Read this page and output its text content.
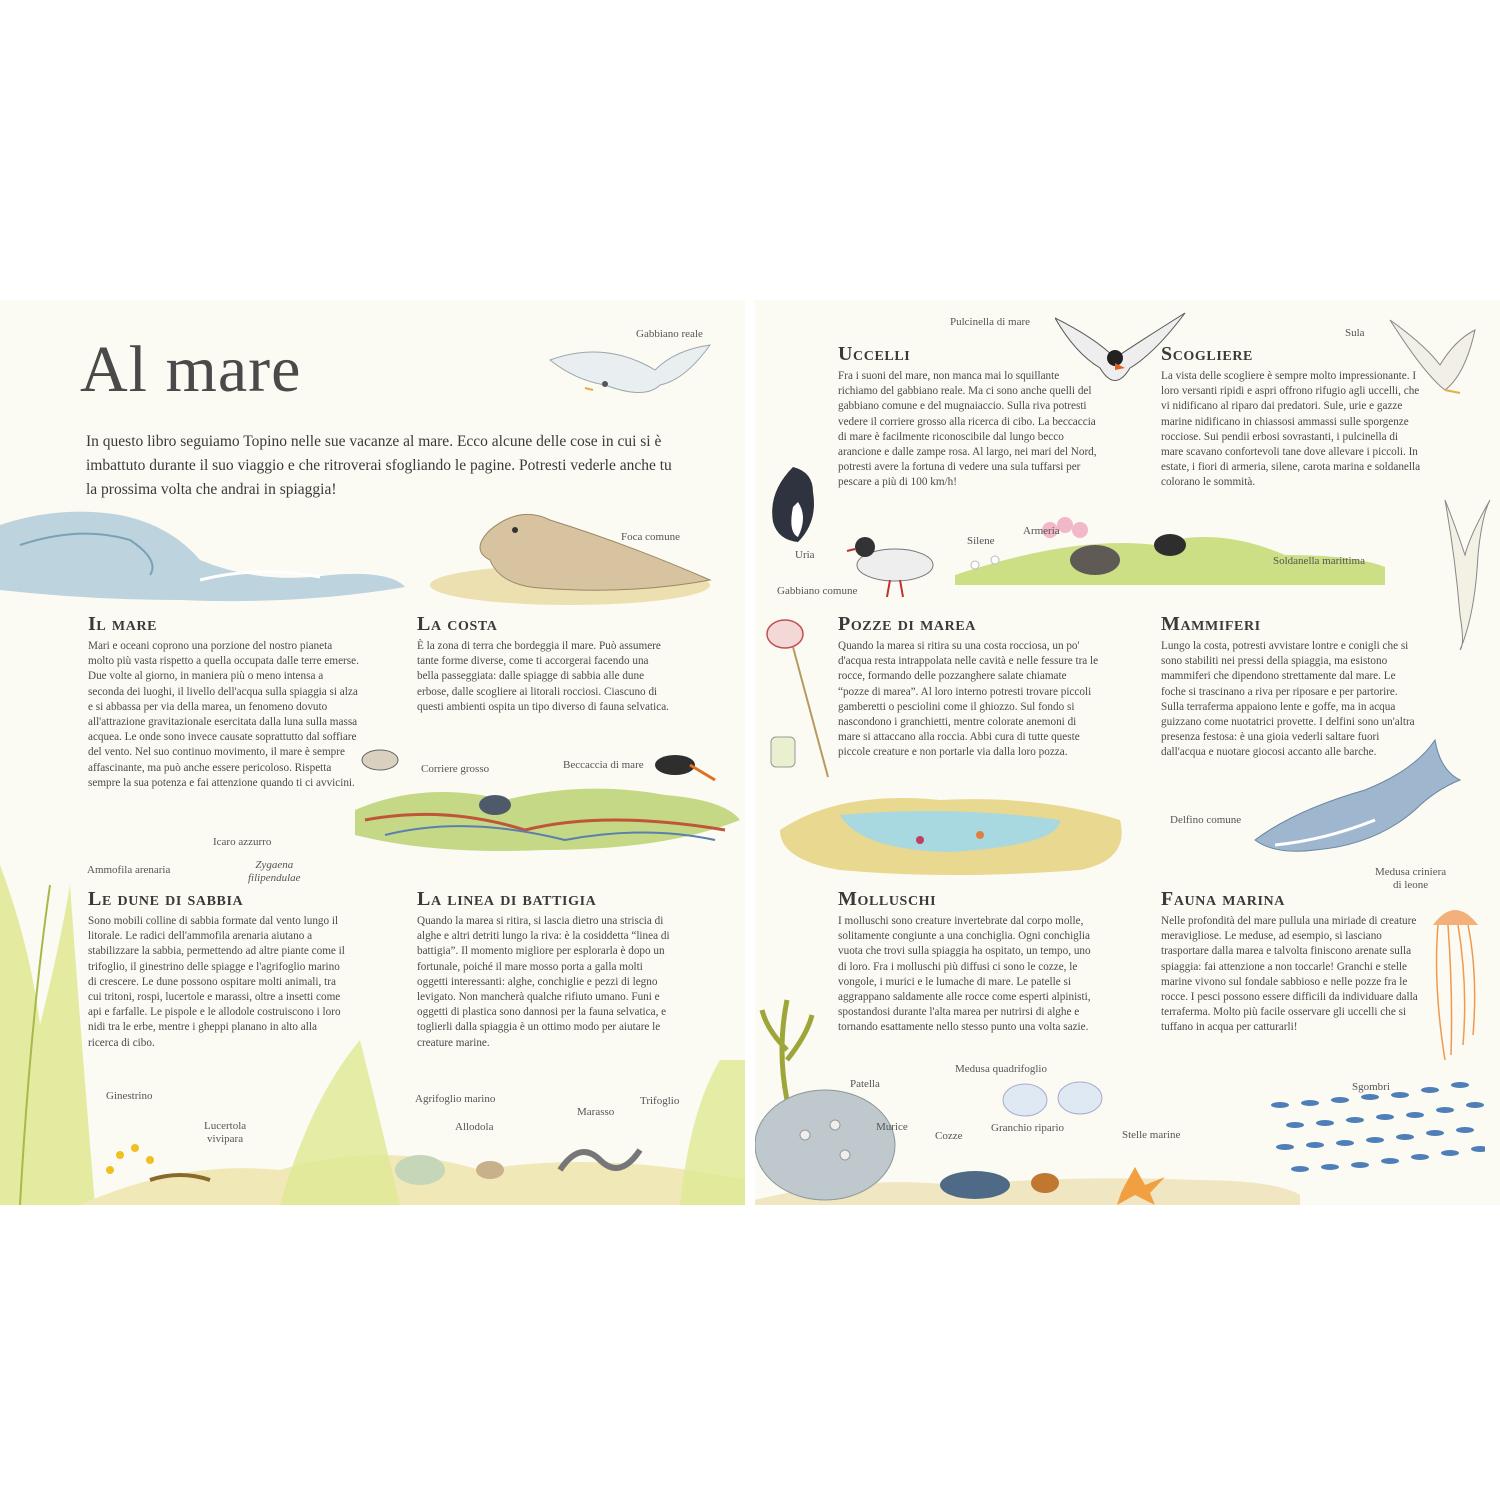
Al mare

In questo libro seguiamo Topino nelle sue vacanze al mare. Ecco alcune delle cose in cui si è imbattuto durante il suo viaggio e che ritroverai sfogliando le pagine. Potresti vederle anche tu la prossima volta che andrai in spiaggia!

Gabbiano reale
Foca comune
Il mare

Mari e oceani coprono una porzione del nostro pianeta molto più vasta rispetto a quella occupata dalle terre emerse. Due volte al giorno, in maniera più o meno intensa a seconda dei luoghi, il livello dell'acqua sulla spiaggia si alza e si abbassa per via della marea, un fenomeno dovuto all'attrazione gravitazionale esercitata dalla luna sulla massa acquea. Le onde sono invece causate soprattutto dal soffiare del vento. Nel suo continuo movimento, il mare è sempre affascinante, ma può anche essere pericoloso. Rispetta sempre la sua potenza e fai attenzione quando ti ci avvicini.

La costa

È la zona di terra che bordeggia il mare. Può assumere tante forme diverse, come ti accorgerai facendo una bella passeggiata: dalle spiagge di sabbia alle dune erbose, dalle scogliere ai litorali rocciosi. Ciascuno di questi ambienti ospita un tipo diverso di fauna selvatica.

Corriere grosso	Beccaccia di mare
Icaro azzurro
Ammofila arenaria	Zygaena
filipendulae
Le dune di sabbia

Sono mobili colline di sabbia formate dal vento lungo il litorale. Le radici dell'ammofila arenaria aiutano a stabilizzare la sabbia, permettendo ad altre piante come il trifoglio, il ginestrino delle spiagge e l'agrifoglio marino di crescere. Le dune possono ospitare molti animali, tra cui tritoni, rospi, lucertole e marassi, oltre a insetti come api e farfalle. Le pispole e le allodole costruiscono i loro nidi tra le erbe, mentre i gheppi planano in alto alla ricerca di cibo.

La linea di battigia

Quando la marea si ritira, si lascia dietro una striscia di alghe e altri detriti lungo la riva: è la cosiddetta “linea di battigia”. Il momento migliore per esplorarla è dopo un fortunale, poiché il mare mosso porta a galla molti oggetti interessanti: alghe, conchiglie e pezzi di legno levigato. Non mancherà qualche rifiuto umano. Funi e oggetti di plastica sono dannosi per la fauna selvatica, e toglierli dalla spiaggia è un ottimo modo per aiutare le creature marine.

Ginestrino
Lucertola
vivipara
Agrifoglio marino
Allodola
Marasso
Trifoglio
Pulcinella di mare
Sula
Uccelli

Fra i suoni del mare, non manca mai lo squillante richiamo del gabbiano reale. Ma ci sono anche quelli del gabbiano comune e del mugnaiaccio. Sulla riva potresti vedere il corriere grosso alla ricerca di cibo. La beccaccia di mare è facilmente riconoscibile dal lungo becco arancione e dalle zampe rosa. Al largo, nei mari del Nord, potresti avere la fortuna di vedere una sula tuffarsi per pescare a più di 100 km/h!

Scogliere

La vista delle scogliere è sempre molto impressionante. I loro versanti ripidi e aspri offrono rifugio agli uccelli, che vi nidificano al riparo dai predatori. Sule, urie e gazze marine nidificano in chiassosi ammassi sulle sporgenze rocciose. Sui pendii erbosi sovrastanti, i pulcinella di mare scavano confortevoli tane dove allevare i piccoli. In estate, i fiori di armeria, silene, carota marina e soldanella colorano le sommità.

Uria
Gabbiano comune
Silene
Armeria
Soldanella marittima
Pozze di marea

Quando la marea si ritira su una costa rocciosa, un po' d'acqua resta intrappolata nelle cavità e nelle fessure tra le rocce, formando delle pozzanghere salate chiamate “pozze di marea”. Al loro interno potresti trovare piccoli gamberetti o pesciolini come il ghiozzo. Sul fondo si nascondono i granchietti, mentre colorate anemoni di mare si attaccano alla roccia. Abbi cura di tutte queste piccole creature e non portarle via dalla loro pozza.

Mammiferi

Lungo la costa, potresti avvistare lontre e conigli che si sono stabiliti nei pressi della spiaggia, ma esistono mammiferi che dipendono strettamente dal mare. Le foche si trascinano a riva per riposare e per partorire. Sulla terraferma appaiono lente e goffe, ma in acqua guizzano come nuotatrici provette. I delfini sono un'altra presenza festosa: è una gioia vederli saltare fuori dall'acqua e nuotare giocosi accanto alle barche.

Delfino comune
Medusa criniera
di leone
Molluschi

I molluschi sono creature invertebrate dal corpo molle, solitamente congiunte a una conchiglia. Ogni conchiglia vuota che trovi sulla spiaggia ha ospitato, un tempo, uno di loro. Fra i molluschi più diffusi ci sono le cozze, le vongole, i murici e le lumache di mare. Le patelle si aggrappano saldamente alle rocce come esperti alpinisti, spostandosi durante l'alta marea per nutrirsi di alghe e tornando esattamente nello stesso punto una volta sazie.

Fauna marina

Nelle profondità del mare pullula una miriade di creature meravigliose. Le meduse, ad esempio, si lasciano trasportare dalla marea e talvolta finiscono arenate sulla spiaggia: fai attenzione a non toccarle! Granchi e stelle marine vivono sul fondale sabbioso e nelle pozze fra le rocce. I pesci possono essere difficili da individuare dalla terraferma. Molto più facile osservare gli uccelli che si tuffano in acqua per catturarli!

Patella
Murice
Cozze
Medusa quadrifoglio
Granchio ripario
Stelle marine
Sgombri
